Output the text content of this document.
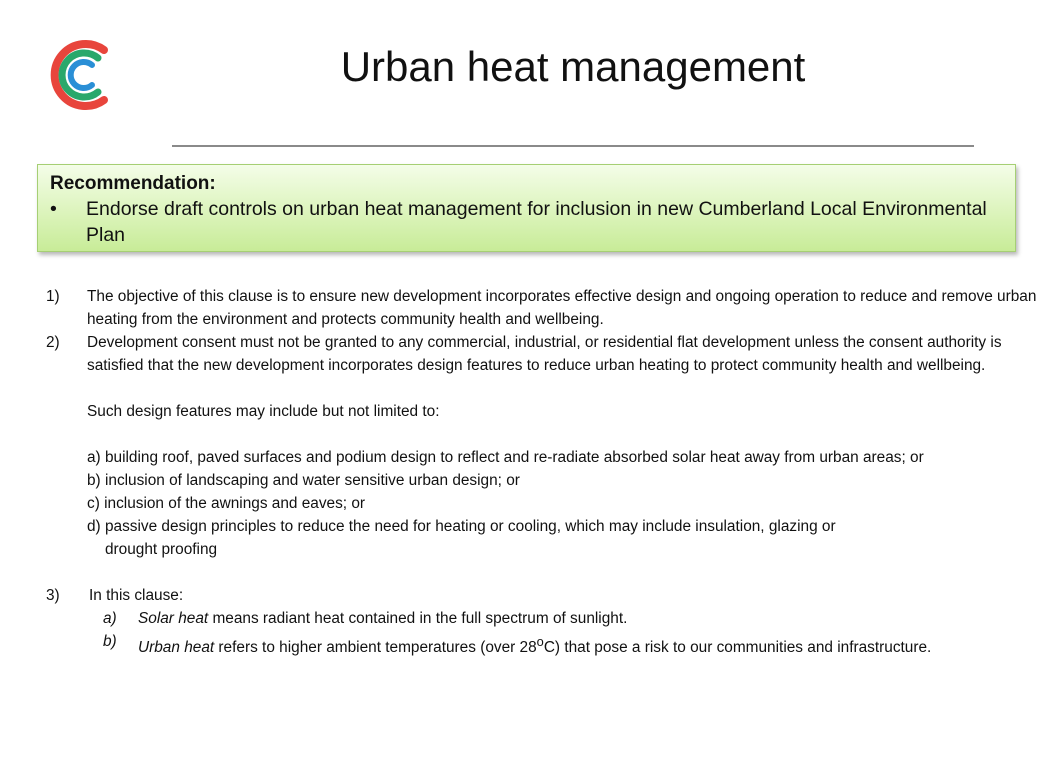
Urban heat management
Recommendation:
•	Endorse draft controls on urban heat management for inclusion in new Cumberland Local Environmental Plan
1)	The objective of this clause is to ensure new development incorporates effective design and ongoing operation to reduce and remove urban heating from the environment and protects community health and wellbeing.
2)	Development consent must not be granted to any commercial, industrial, or residential flat development unless the consent authority is satisfied that the new development incorporates design features to reduce urban heating to protect community health and wellbeing.
Such design features may include but not limited to:
a) building roof, paved surfaces and podium design to reflect and re-radiate absorbed solar heat away from urban areas; or
b) inclusion of landscaping and water sensitive urban design; or
c) inclusion of the awnings and eaves; or
d) passive design principles to reduce the need for heating or cooling, which may include insulation, glazing or
drought proofing
3)	In this clause:
a)	Solar heat means radiant heat contained in the full spectrum of sunlight.
b)	Urban heat refers to higher ambient temperatures (over 28$^o$C) that pose a risk to our communities and infrastructure.
